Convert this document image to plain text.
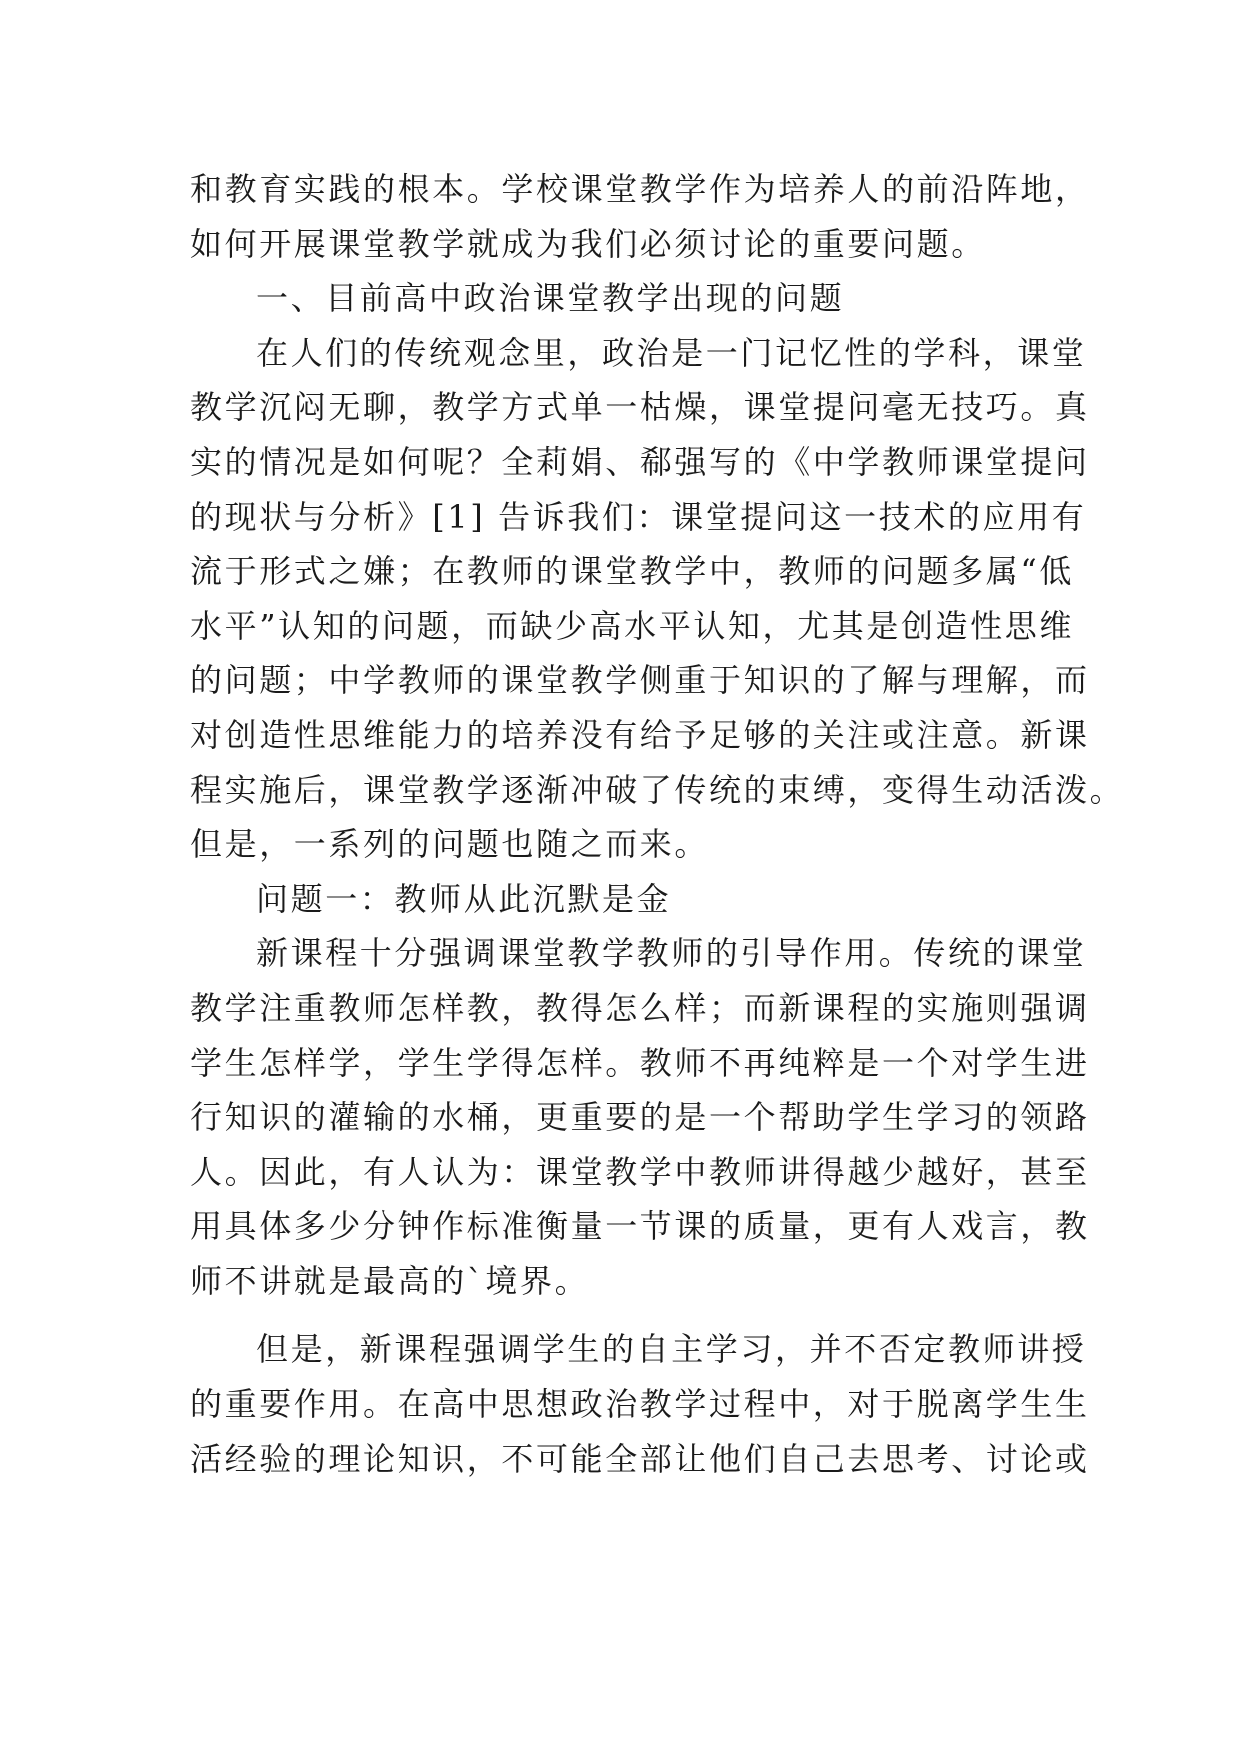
和教育实践的根本。学校课堂教学作为培养人的前沿阵地，
如何开展课堂教学就成为我们必须讨论的重要问题。
一、目前高中政治课堂教学出现的问题
在人们的传统观念里，政治是一门记忆性的学科，课堂
教学沉闷无聊，教学方式单一枯燥，课堂提问毫无技巧。真
实的情况是如何呢？全莉娟、郗强写的《中学教师课堂提问
的现状与分析》[1] 告诉我们：课堂提问这一技术的应用有
流于形式之嫌；在教师的课堂教学中，教师的问题多属“低
水平”认知的问题，而缺少高水平认知，尤其是创造性思维
的问题；中学教师的课堂教学侧重于知识的了解与理解，而
对创造性思维能力的培养没有给予足够的关注或注意。新课
程实施后，课堂教学逐渐冲破了传统的束缚，变得生动活泼。
但是，一系列的问题也随之而来。
问题一：教师从此沉默是金
新课程十分强调课堂教学教师的引导作用。传统的课堂
教学注重教师怎样教，教得怎么样；而新课程的实施则强调
学生怎样学，学生学得怎样。教师不再纯粹是一个对学生进
行知识的灌输的水桶，更重要的是一个帮助学生学习的领路
人。因此，有人认为：课堂教学中教师讲得越少越好，甚至
用具体多少分钟作标准衡量一节课的质量，更有人戏言，教
师不讲就是最高的`境界。
但是，新课程强调学生的自主学习，并不否定教师讲授
的重要作用。在高中思想政治教学过程中，对于脱离学生生
活经验的理论知识，不可能全部让他们自己去思考、讨论或
